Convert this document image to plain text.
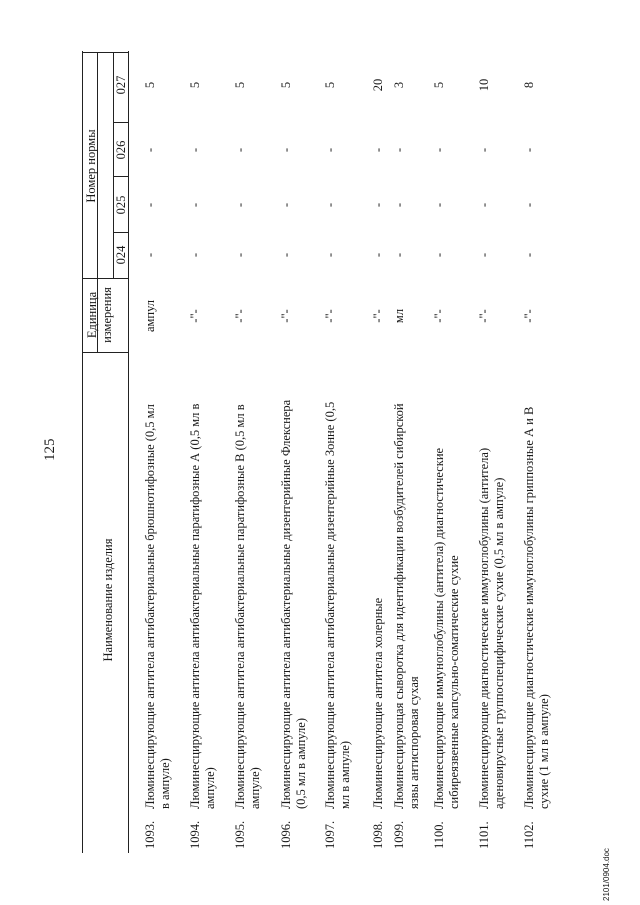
125
Наименование изделия
Единица измерения
Номер нормы
024
025
026
027
1093.
Люминесцирующие антитела антибактериальные брюшнотифозные (0,5 мл в ампуле)
ампул
-
-
-
5
1094.
Люминесцирующие антитела антибактериальные паратифозные А (0,5 мл в ампуле)
-"-
-
-
-
5
1095.
Люминесцирующие антитела антибактериальные паратифозные В (0,5 мл в ампуле)
-"-
-
-
-
5
1096.
Люминесцирующие антитела антибактериальные дизентерийные Флекснера (0,5 мл в ампуле)
-"-
-
-
-
5
1097.
Люминесцирующие антитела антибактериальные дизентерийные Зонне (0,5 мл в ампуле)
-"-
-
-
-
5
1098.
Люминесцирующие антитела холерные
-"-
-
-
-
20
1099.
Люминесцирующая сыворотка для идентификации возбудителей сибирской язвы антиспоровая сухая
мл
-
-
-
3
1100.
Люминесцирующие иммуноглобулины (антитела) диагностические сибиреязвенные капсульно-соматические сухие
-"-
-
-
-
5
1101.
Люминесцирующие диагностические иммуноглобулины (антитела) аденовирусные группоспецифические сухие (0,5 мл в ампуле)
-"-
-
-
-
10
1102.
Люминесцирующие диагностические иммуноглобулины гриппозные А и В сухие (1 мл в ампуле)
-"-
-
-
-
8
2101/0904.doc
